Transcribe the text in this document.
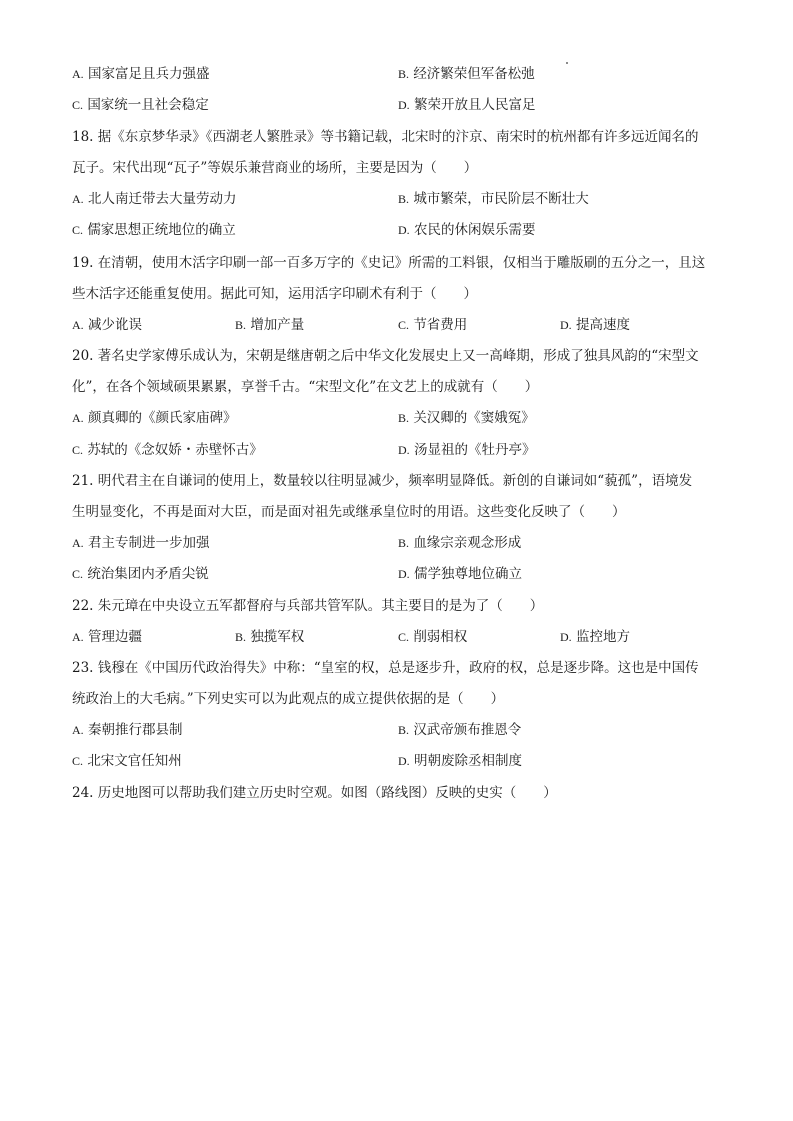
A. 国家富足且兵力强盛	B. 经济繁荣但军备松弛
C. 国家统一且社会稳定	D. 繁荣开放且人民富足
18. 据《东京梦华录》《西湖老人繁胜录》等书籍记载，北宋时的汴京、南宋时的杭州都有许多远近闻名的
瓦子。宋代出现“瓦子”等娱乐兼营商业的场所，主要是因为（　　）
A. 北人南迁带去大量劳动力	B. 城市繁荣，市民阶层不断壮大
C. 儒家思想正统地位的确立	D. 农民的休闲娱乐需要
19. 在清朝，使用木活字印刷一部一百多万字的《史记》所需的工料银，仅相当于雕版刷的五分之一，且这
些木活字还能重复使用。据此可知，运用活字印刷术有利于（　　）
A. 减少讹误	B. 增加产量	C. 节省费用	D. 提高速度
20. 著名史学家傅乐成认为，宋朝是继唐朝之后中华文化发展史上又一高峰期，形成了独具风韵的“宋型文
化”，在各个领域硕果累累，享誉千古。“宋型文化”在文艺上的成就有（　　）
A. 颜真卿的《颜氏家庙碑》	B. 关汉卿的《窦娥冤》
C. 苏轼的《念奴娇・赤壁怀古》	D. 汤显祖的《牡丹亭》
21. 明代君主在自谦词的使用上，数量较以往明显减少，频率明显降低。新创的自谦词如“藐孤”，语境发
生明显变化，不再是面对大臣，而是面对祖先或继承皇位时的用语。这些变化反映了（　　）
A. 君主专制进一步加强	B. 血缘宗亲观念形成
C. 统治集团内矛盾尖锐	D. 儒学独尊地位确立
22. 朱元璋在中央设立五军都督府与兵部共管军队。其主要目的是为了（　　）
A. 管理边疆	B. 独揽军权	C. 削弱相权	D. 监控地方
23. 钱穆在《中国历代政治得失》中称：“皇室的权，总是逐步升，政府的权，总是逐步降。这也是中国传
统政治上的大毛病。”下列史实可以为此观点的成立提供依据的是（　　）
A. 秦朝推行郡县制	B. 汉武帝颁布推恩令
C. 北宋文官任知州	D. 明朝废除丞相制度
24. 历史地图可以帮助我们建立历史时空观。如图（路线图）反映的史实（　　）
